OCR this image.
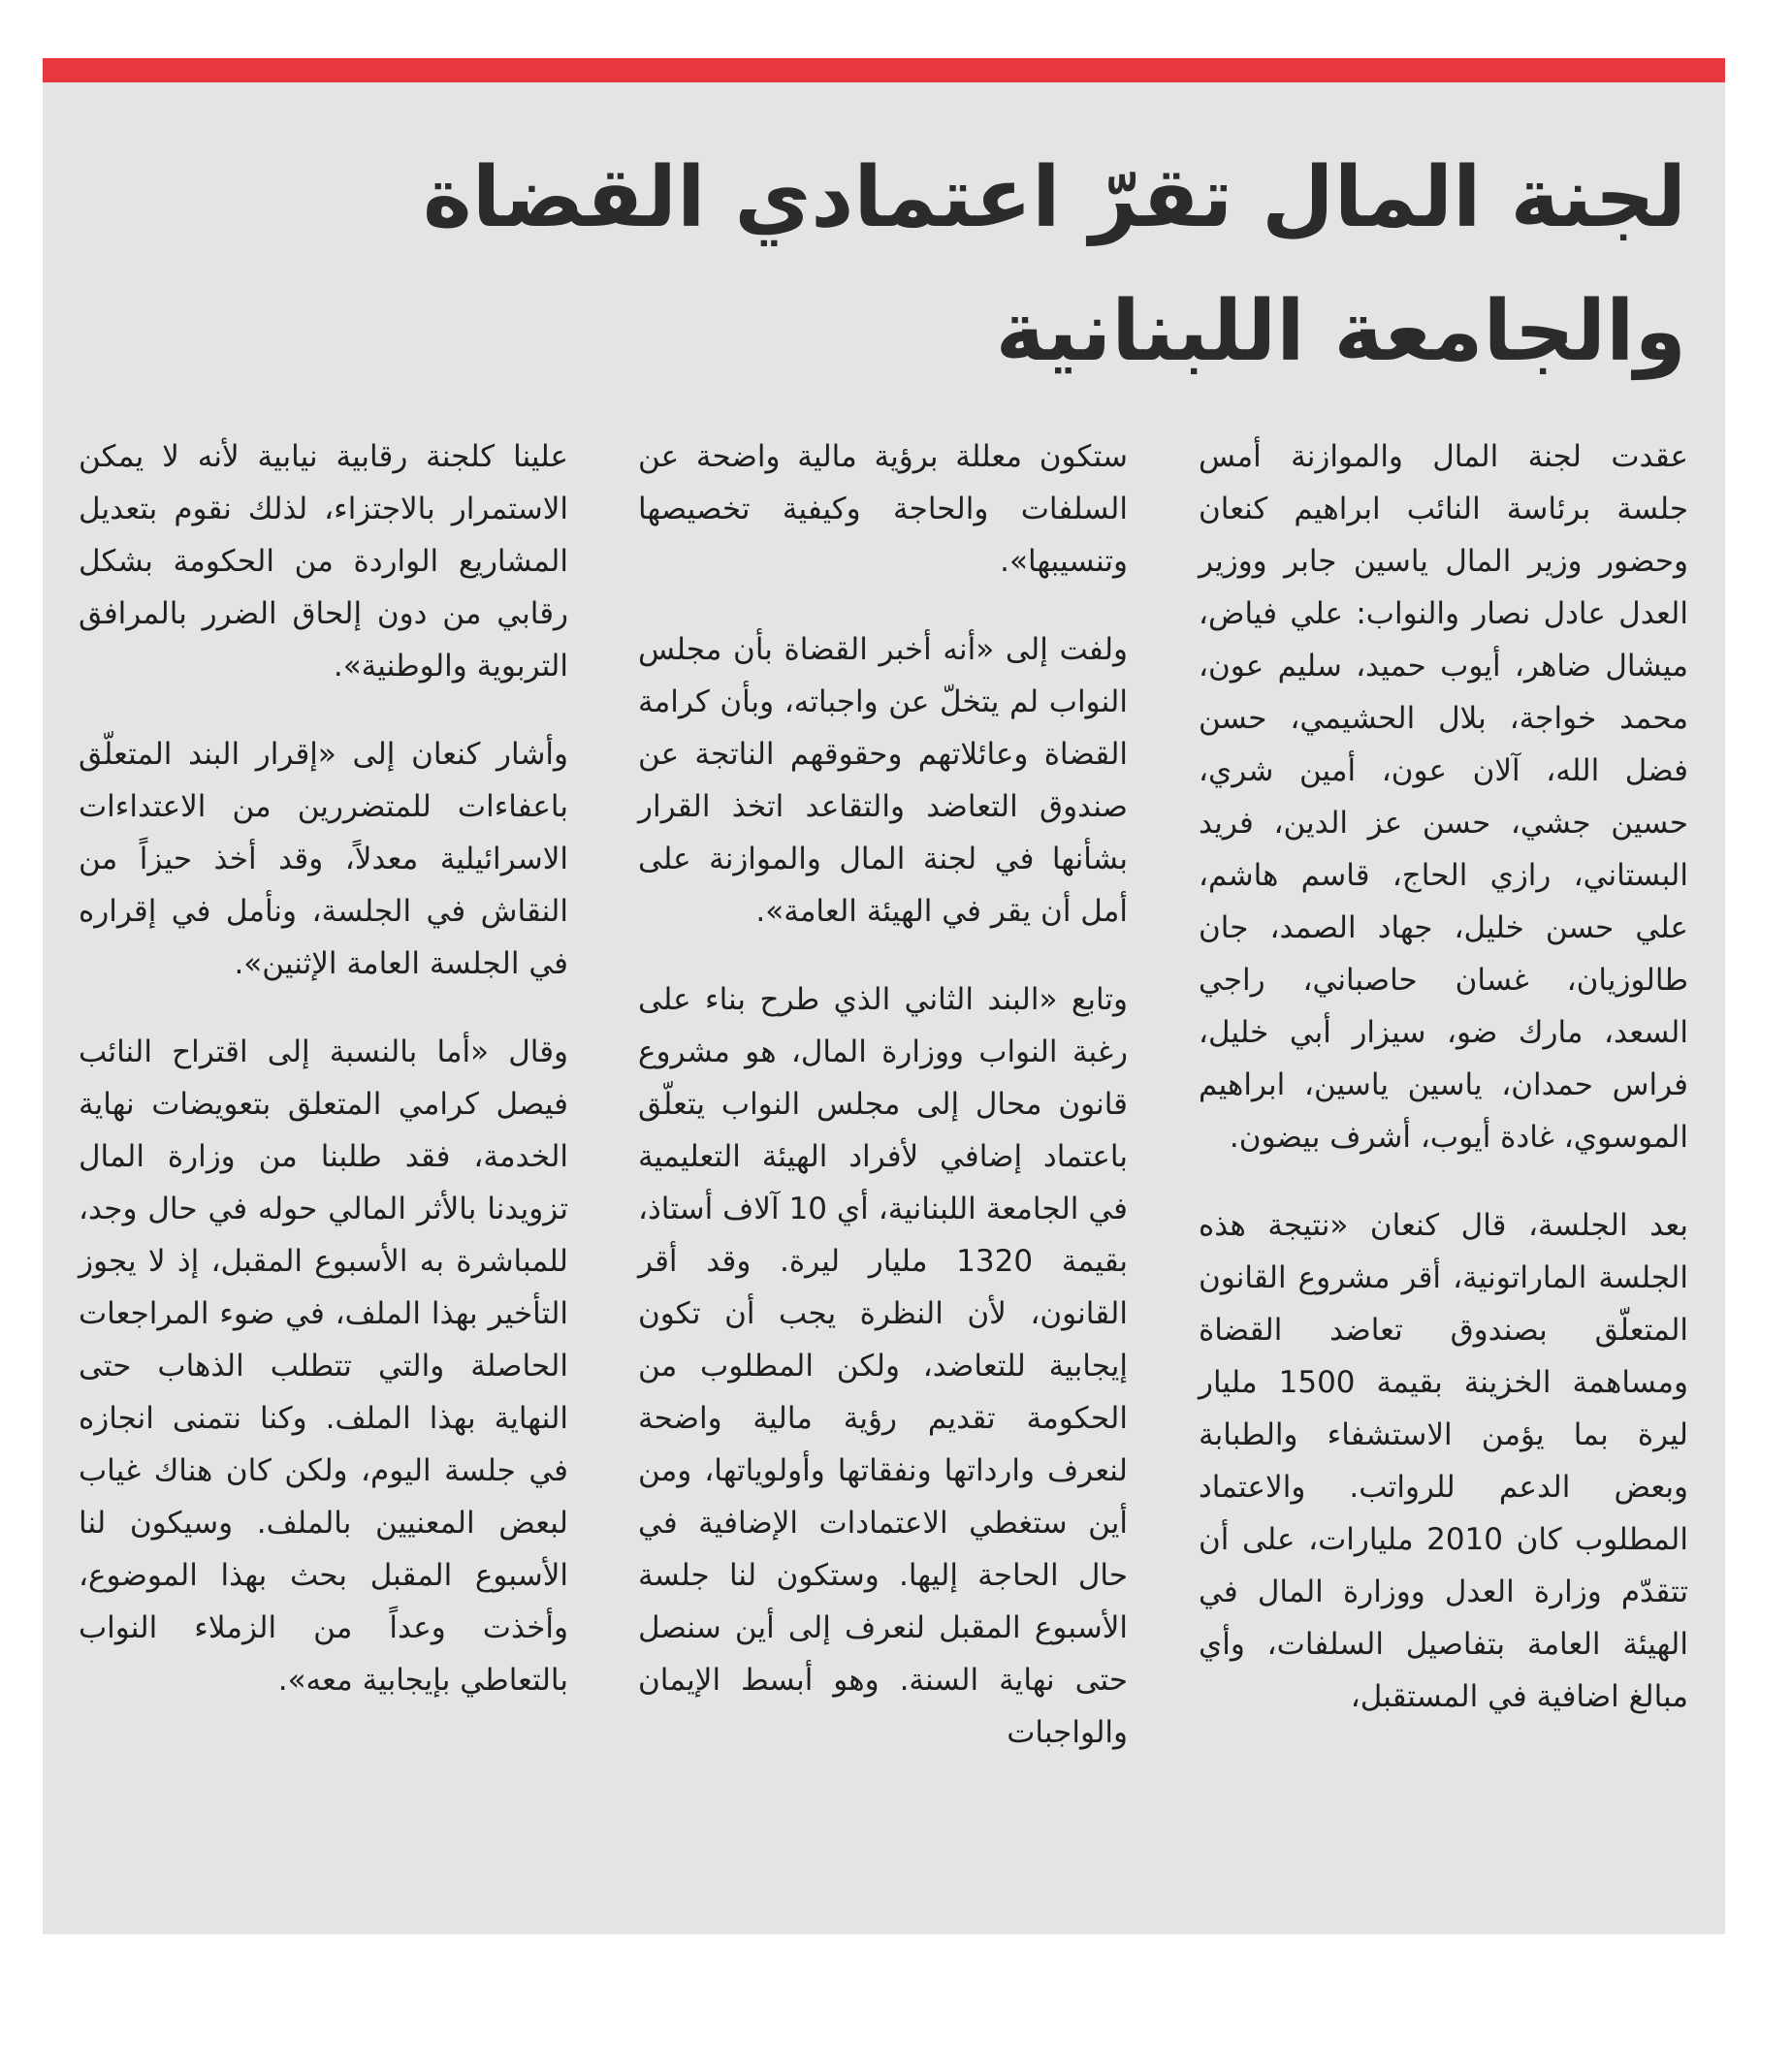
لجنة المال تقرّ اعتمادي القضاة والجامعة اللبنانية

عقدت لجنة المال والموازنة أمس جلسة برئاسة النائب ابراهيم كنعان وحضور وزير المال ياسين جابر ووزير العدل عادل نصار والنواب: علي فياض، ميشال ضاهر، أيوب حميد، سليم عون، محمد خواجة، بلال الحشيمي، حسن فضل الله، آلان عون، أمين شري، حسين جشي، حسن عز الدين، فريد البستاني، رازي الحاج، قاسم هاشم، علي حسن خليل، جهاد الصمد، جان طالوزيان، غسان حاصباني، راجي السعد، مارك ضو، سيزار أبي خليل، فراس حمدان، ياسين ياسين، ابراهيم الموسوي، غادة أيوب، أشرف بيضون.

بعد الجلسة، قال كنعان «نتيجة هذه الجلسة الماراتونية، أقر مشروع القانون المتعلّق بصندوق تعاضد القضاة ومساهمة الخزينة بقيمة 1500 مليار ليرة بما يؤمن الاستشفاء والطبابة وبعض الدعم للرواتب. والاعتماد المطلوب كان 2010 مليارات، على أن تتقدّم وزارة العدل ووزارة المال في الهيئة العامة بتفاصيل السلفات، وأي مبالغ اضافية في المستقبل،

ستكون معللة برؤية مالية واضحة عن السلفات والحاجة وكيفية تخصيصها وتنسيبها».

ولفت إلى «أنه أخبر القضاة بأن مجلس النواب لم يتخلّ عن واجباته، وبأن كرامة القضاة وعائلاتهم وحقوقهم الناتجة عن صندوق التعاضد والتقاعد اتخذ القرار بشأنها في لجنة المال والموازنة على أمل أن يقر في الهيئة العامة».

وتابع «البند الثاني الذي طرح بناء على رغبة النواب ووزارة المال، هو مشروع قانون محال إلى مجلس النواب يتعلّق باعتماد إضافي لأفراد الهيئة التعليمية في الجامعة اللبنانية، أي 10 آلاف أستاذ، بقيمة 1320 مليار ليرة. وقد أقر القانون، لأن النظرة يجب أن تكون إيجابية للتعاضد، ولكن المطلوب من الحكومة تقديم رؤية مالية واضحة لنعرف وارداتها ونفقاتها وأولوياتها، ومن أين ستغطي الاعتمادات الإضافية في حال الحاجة إليها. وستكون لنا جلسة الأسبوع المقبل لنعرف إلى أين سنصل حتى نهاية السنة. وهو أبسط الإيمان والواجبات

علينا كلجنة رقابية نيابية لأنه لا يمكن الاستمرار بالاجتزاء، لذلك نقوم بتعديل المشاريع الواردة من الحكومة بشكل رقابي من دون إلحاق الضرر بالمرافق التربوية والوطنية».

وأشار كنعان إلى «إقرار البند المتعلّق باعفاءات للمتضررين من الاعتداءات الاسرائيلية معدلاً، وقد أخذ حيزاً من النقاش في الجلسة، ونأمل في إقراره في الجلسة العامة الإثنين».

وقال «أما بالنسبة إلى اقتراح النائب فيصل كرامي المتعلق بتعويضات نهاية الخدمة، فقد طلبنا من وزارة المال تزويدنا بالأثر المالي حوله في حال وجد، للمباشرة به الأسبوع المقبل، إذ لا يجوز التأخير بهذا الملف، في ضوء المراجعات الحاصلة والتي تتطلب الذهاب حتى النهاية بهذا الملف. وكنا نتمنى انجازه في جلسة اليوم، ولكن كان هناك غياب لبعض المعنيين بالملف. وسيكون لنا الأسبوع المقبل بحث بهذا الموضوع، وأخذت وعداً من الزملاء النواب بالتعاطي بإيجابية معه».
